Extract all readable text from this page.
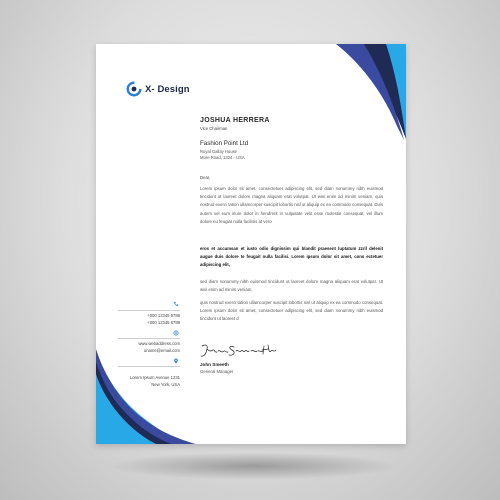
X- Design
JOSHUA HERRERA
Vice Chairman
Fashion Point Ltd
Royal Gallay House
More Road, 1324 - USA
Dear,
Lorem ipsum dolor sit amet, consectetuer adipiscing elit, sed diam nonummy nibh euismod tincidunt ut laoreet dolore magna aliquam erat volutpat. Ut wisi enim ad minim veniam, quis nostrud exerci tation ullamcorper suscipit lobortis nisl ut aliquip ex ea commodo consequat. Duis autem vel eum iriure dolor in hendrerit in vulputate velit esse molestie consequat, vel illum dolore eu feugiat nulla facilisis at vero
eros et accumsan et iusto odio dignissim qui blandit praesent luptatum zzril delenit augue duis dolore te feugait nulla facilisi. Lorem ipsum dolor sit amet, cons ectetuer adipiscing elit,
sed diam nonummy nibh euismod tincidunt ut laoreet dolore magna aliquam erat volutpat. Ut wisi enim ad minim veniam,
quis nostrud exerci tation ullamcorper suscipit lobortis nisl ut aliquip ex ea commodo consequat. Lorem ipsum dolor sit amet, consectetuer adipiscing elit, sed diam nonummy nibh euismod tincidunt ut laoreet d
John Smeeth
General Manager
+000 12345 6789
+000 12345 6789
www.webaddress.com
uname@email.com
Lorem Ipsum Avenue 1231
New York, USA
